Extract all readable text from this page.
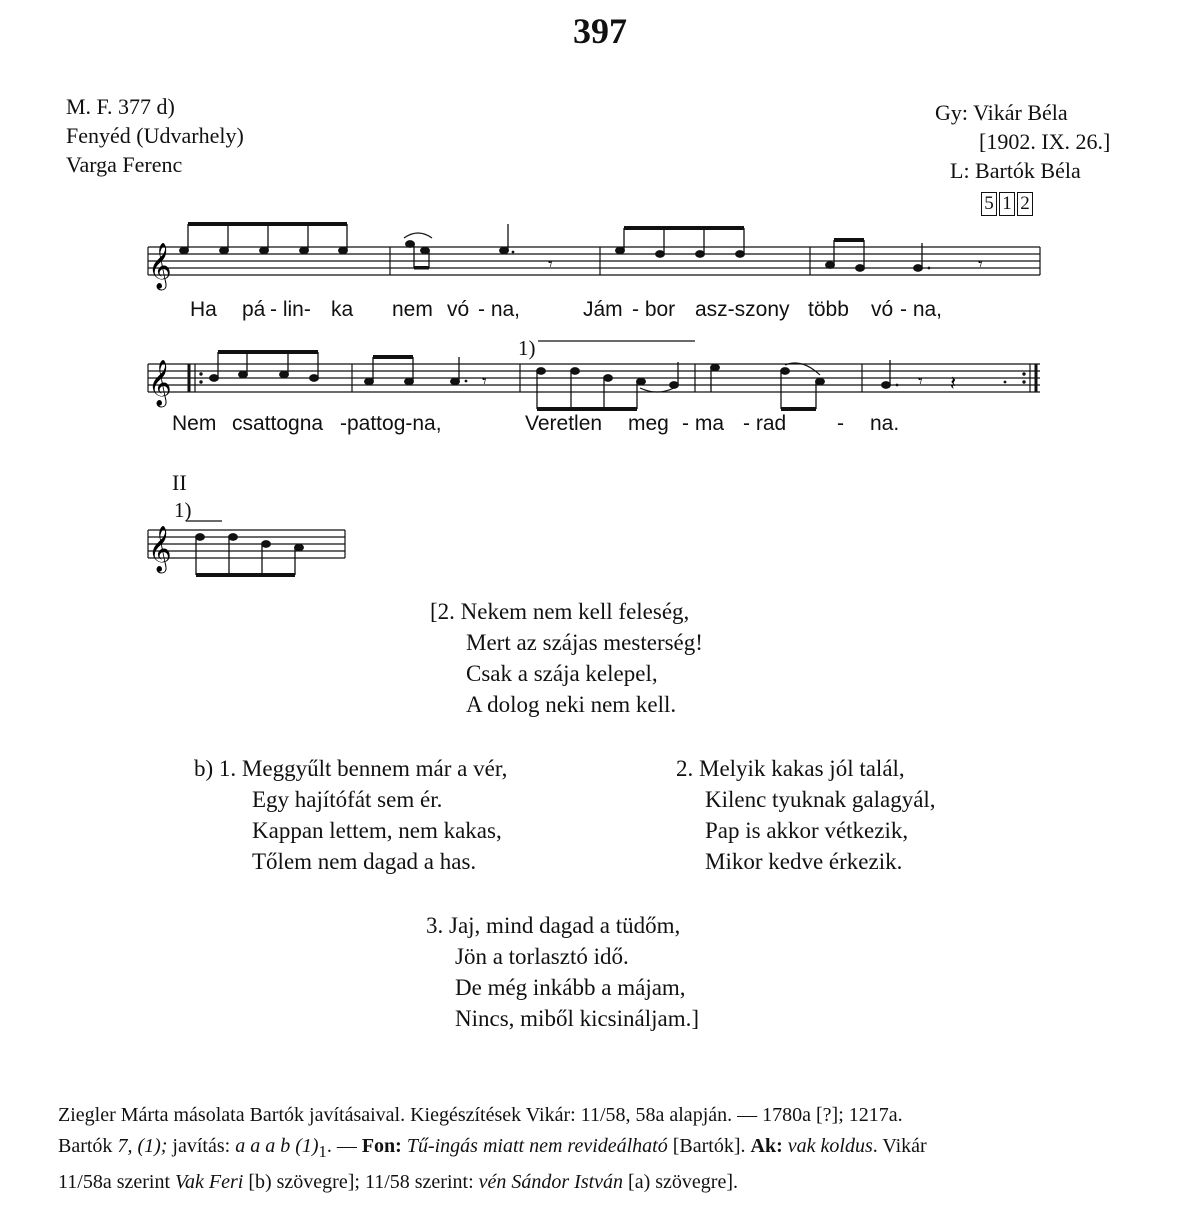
397
M. F. 377 d)
Fenyéd (Udvarhely)
Varga Ferenc
Gy: Vikár Béla
[1902. IX. 26.]
L: Bartók Béla
5 1 2
𝄞	𝄾	𝄾
Ha pá - lin- ka nem vó - na,	Jám - bor asz-szony több vó - na,
1)
𝄞	𝄾	𝄾 𝄽
Nem csattogna -pattog-na,	Veretlen meg - ma - rad - na.
II
1)
𝄞
[2. Nekem nem kell feleség,
Mert az szájas mesterség!
Csak a szája kelepel,
A dolog neki nem kell.
b) 1. Meggyűlt bennem már a vér,
Egy hajítófát sem ér.
Kappan lettem, nem kakas,
Tőlem nem dagad a has.
2. Melyik kakas jól talál,
Kilenc tyuknak galagyál,
Pap is akkor vétkezik,
Mikor kedve érkezik.
3. Jaj, mind dagad a tüdőm,
Jön a torlasztó idő.
De még inkább a májam,
Nincs, miből kicsináljam.]
Ziegler Márta másolata Bartók javításaival. Kiegészítések Vikár: 11/58, 58a alapján. — 1780a [?]; 1217a.
Bartók 7, (1); javítás: a a a b $(1)_1$. — Fon: Tű-ingás miatt nem revideálható [Bartók]. Ak: vak koldus. Vikár
11/58a szerint Vak Feri [b) szövegre]; 11/58 szerint: vén Sándor István [a) szövegre].
